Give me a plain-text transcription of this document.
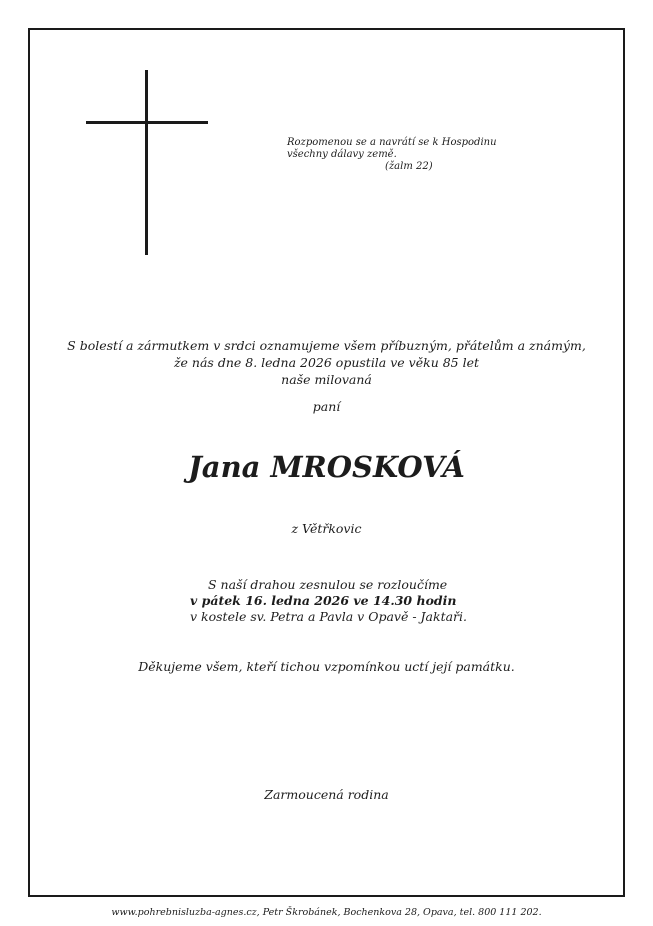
Rozpomenou se a navrátí se k Hospodinu
všechny dálavy země.
(žalm 22)
S bolestí a zármutkem v srdci oznamujeme všem příbuzným, přátelům a známým,
že nás dne 8. ledna 2026 opustila ve věku 85 let
naše milovaná
paní
Jana MROSKOVÁ
z Větřkovic
S naší drahou zesnulou se rozloučíme
v pátek 16. ledna 2026 ve 14.30 hodin
v kostele sv. Petra a Pavla v Opavě - Jaktaři.
Děkujeme všem, kteří tichou vzpomínkou uctí její památku.
Zarmoucená rodina
www.pohrebnisluzba-agnes.cz, Petr Škrobánek, Bochenkova 28, Opava, tel. 800 111 202.
